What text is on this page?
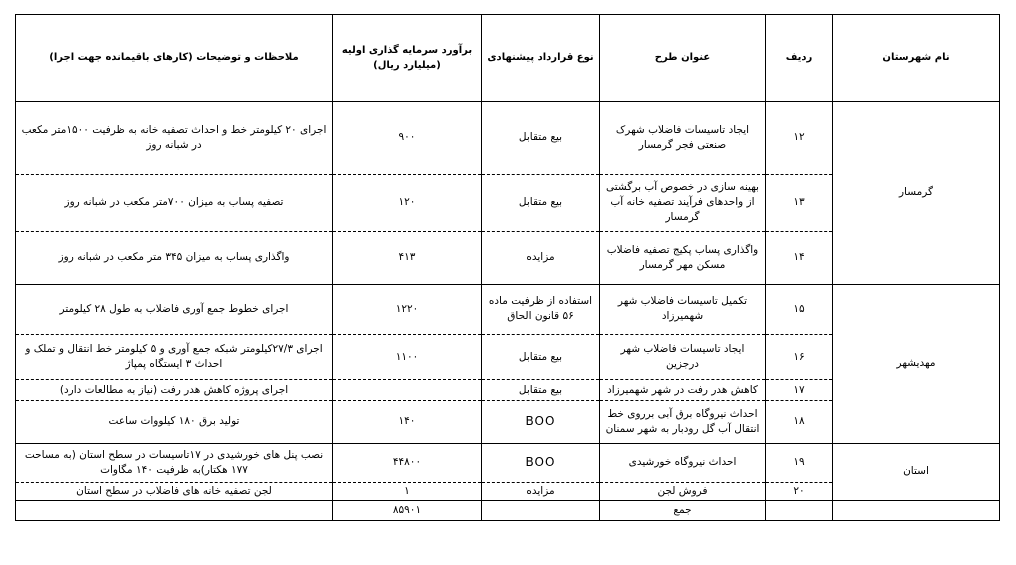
نام شهرستان	ردیف	عنوان طرح	نوع قرارداد پیشنهادی	برآورد سرمایه گذاری اولیه (میلیارد ریال)	ملاحظات و توضیحات (کارهای باقیمانده جهت اجرا)
گرمسار	۱۲	ایجاد تاسیسات فاضلاب شهرک صنعتی فجر گرمسار	بیع متقابل	۹۰۰	اجرای ۲۰ کیلومتر خط و احداث تصفیه خانه به ظرفیت ۱۵۰۰متر مکعب در شبانه روز
	۱۳	بهینه سازی در خصوص آب برگشتی از واحدهای فرآیند تصفیه خانه آب گرمسار	بیع متقابل	۱۲۰	تصفیه پساب به میزان ۷۰۰متر مکعب در شبانه روز
	۱۴	واگذاری پساب پکیج تصفیه فاضلاب مسکن مهر گرمسار	مزایده	۴۱۳	واگذاری پساب به میزان ۳۴۵ متر مکعب در شبانه روز
مهدیشهر	۱۵	تکمیل تاسیسات فاضلاب شهر شهمیرزاد	استفاده از ظرفیت ماده ۵۶ قانون الحاق	۱۲۲۰	اجرای خطوط جمع آوری فاضلاب به طول ۲۸ کیلومتر
	۱۶	ایجاد تاسیسات فاضلاب شهر درجزین	بیع متقابل	۱۱۰۰	اجرای ۲۷/۳کیلومتر شبکه جمع آوری و ۵ کیلومتر خط انتقال و تملک و احداث ۳ ایستگاه پمپاژ
	۱۷	کاهش هدر رفت در شهر شهمیرزاد	بیع متقابل		اجرای پروژه کاهش هدر رفت (نیاز به مطالعات دارد)
	۱۸	احداث نیروگاه برق آبی برروی خط انتقال آب گل رودبار به شهر سمنان	BOO	۱۴۰	تولید برق ۱۸۰ کیلووات ساعت
استان	۱۹	احداث نیروگاه خورشیدی	BOO	۴۴۸۰۰	نصب پنل های خورشیدی در ۱۷تاسیسات در سطح استان (به مساحت ۱۷۷ هکتار)به ظرفیت ۱۴۰ مگاوات
	۲۰	فروش لجن	مزایده	۱	لجن تصفیه خانه های فاضلاب در سطح استان
		جمع		۸۵۹۰۱	
